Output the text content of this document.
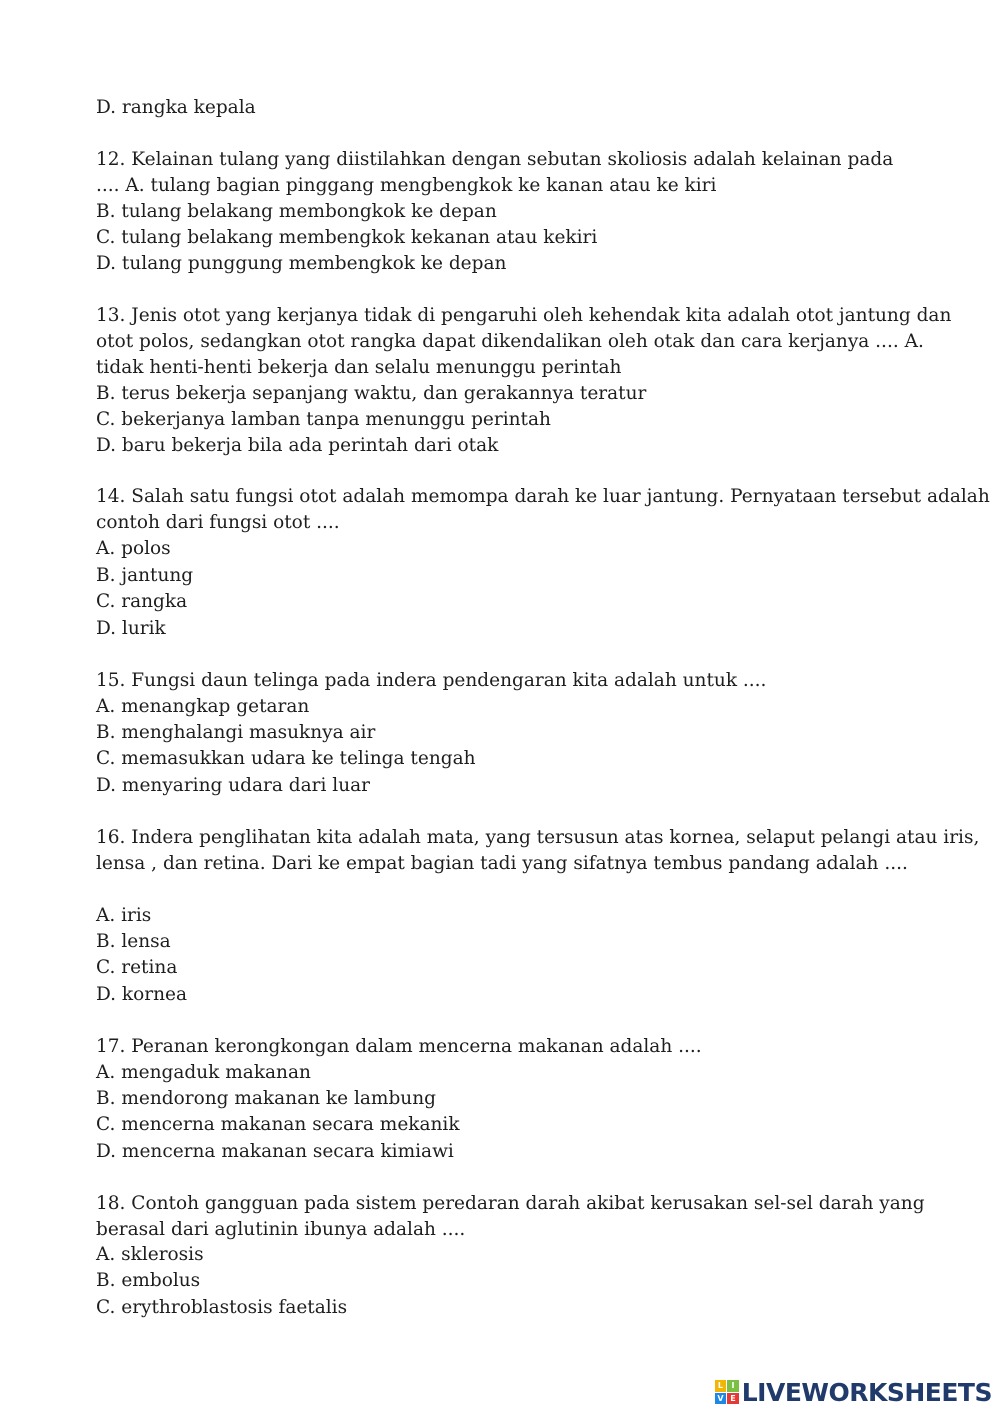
D. rangka kepala
12. Kelainan tulang yang diistilahkan dengan sebutan skoliosis adalah kelainan pada
.... A. tulang bagian pinggang mengbengkok ke kanan atau ke kiri
B. tulang belakang membongkok ke depan
C. tulang belakang membengkok kekanan atau kekiri
D. tulang punggung membengkok ke depan
13. Jenis otot yang kerjanya tidak di pengaruhi oleh kehendak kita adalah otot jantung dan
otot polos, sedangkan otot rangka dapat dikendalikan oleh otak dan cara kerjanya .... A.
tidak henti-henti bekerja dan selalu menunggu perintah
B. terus bekerja sepanjang waktu, dan gerakannya teratur
C. bekerjanya lamban tanpa menunggu perintah
D. baru bekerja bila ada perintah dari otak
14. Salah satu fungsi otot adalah memompa darah ke luar jantung. Pernyataan tersebut adalah
contoh dari fungsi otot ....
A. polos
B. jantung
C. rangka
D. lurik
15. Fungsi daun telinga pada indera pendengaran kita adalah untuk ....
A. menangkap getaran
B. menghalangi masuknya air
C. memasukkan udara ke telinga tengah
D. menyaring udara dari luar
16. Indera penglihatan kita adalah mata, yang tersusun atas kornea, selaput pelangi atau iris,
lensa , dan retina. Dari ke empat bagian tadi yang sifatnya tembus pandang adalah ....
A. iris
B. lensa
C. retina
D. kornea
17. Peranan kerongkongan dalam mencerna makanan adalah ....
A. mengaduk makanan
B. mendorong makanan ke lambung
C. mencerna makanan secara mekanik
D. mencerna makanan secara kimiawi
18. Contoh gangguan pada sistem peredaran darah akibat kerusakan sel-sel darah yang
berasal dari aglutinin ibunya adalah ....
A. sklerosis
B. embolus
C. erythroblastosis faetalis
L	I
V E LIVEWORKSHEETS
